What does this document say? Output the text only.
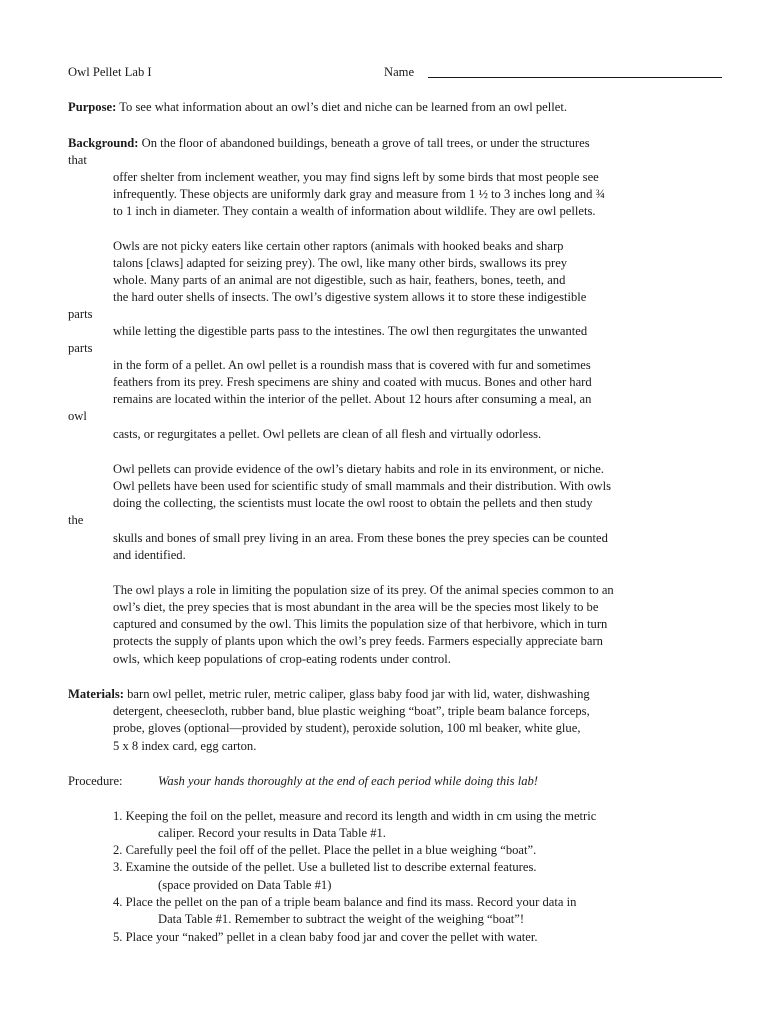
Owl Pellet Lab I	Name
Purpose: To see what information about an owl’s diet and niche can be learned from an owl pellet.
Background: On the floor of abandoned buildings, beneath a grove of tall trees, or under the structures
that
offer shelter from inclement weather, you may find signs left by some birds that most people see
infrequently. These objects are uniformly dark gray and measure from 1 ½ to 3 inches long and ¾
to 1 inch in diameter. They contain a wealth of information about wildlife. They are owl pellets.
Owls are not picky eaters like certain other raptors (animals with hooked beaks and sharp
talons [claws] adapted for seizing prey). The owl, like many other birds, swallows its prey
whole. Many parts of an animal are not digestible, such as hair, feathers, bones, teeth, and
the hard outer shells of insects. The owl’s digestive system allows it to store these indigestible
parts
while letting the digestible parts pass to the intestines. The owl then regurgitates the unwanted
parts
in the form of a pellet. An owl pellet is a roundish mass that is covered with fur and sometimes
feathers from its prey. Fresh specimens are shiny and coated with mucus. Bones and other hard
remains are located within the interior of the pellet. About 12 hours after consuming a meal, an
owl
casts, or regurgitates a pellet. Owl pellets are clean of all flesh and virtually odorless.
Owl pellets can provide evidence of the owl’s dietary habits and role in its environment, or niche.
Owl pellets have been used for scientific study of small mammals and their distribution. With owls
doing the collecting, the scientists must locate the owl roost to obtain the pellets and then study
the
skulls and bones of small prey living in an area. From these bones the prey species can be counted
and identified.
The owl plays a role in limiting the population size of its prey. Of the animal species common to an
owl’s diet, the prey species that is most abundant in the area will be the species most likely to be
captured and consumed by the owl. This limits the population size of that herbivore, which in turn
protects the supply of plants upon which the owl’s prey feeds. Farmers especially appreciate barn
owls, which keep populations of crop-eating rodents under control.
Materials: barn owl pellet, metric ruler, metric caliper, glass baby food jar with lid, water, dishwashing
detergent, cheesecloth, rubber band, blue plastic weighing “boat”, triple beam balance forceps,
probe, gloves (optional—provided by student), peroxide solution, 100 ml beaker, white glue,
5 x 8 index card, egg carton.
Procedure:	Wash your hands thoroughly at the end of each period while doing this lab!
1. Keeping the foil on the pellet, measure and record its length and width in cm using the metric
caliper. Record your results in Data Table #1.
2. Carefully peel the foil off of the pellet. Place the pellet in a blue weighing “boat”.
3. Examine the outside of the pellet. Use a bulleted list to describe external features.
(space provided on Data Table #1)
4. Place the pellet on the pan of a triple beam balance and find its mass. Record your data in
Data Table #1. Remember to subtract the weight of the weighing “boat”!
5. Place your “naked” pellet in a clean baby food jar and cover the pellet with water.
